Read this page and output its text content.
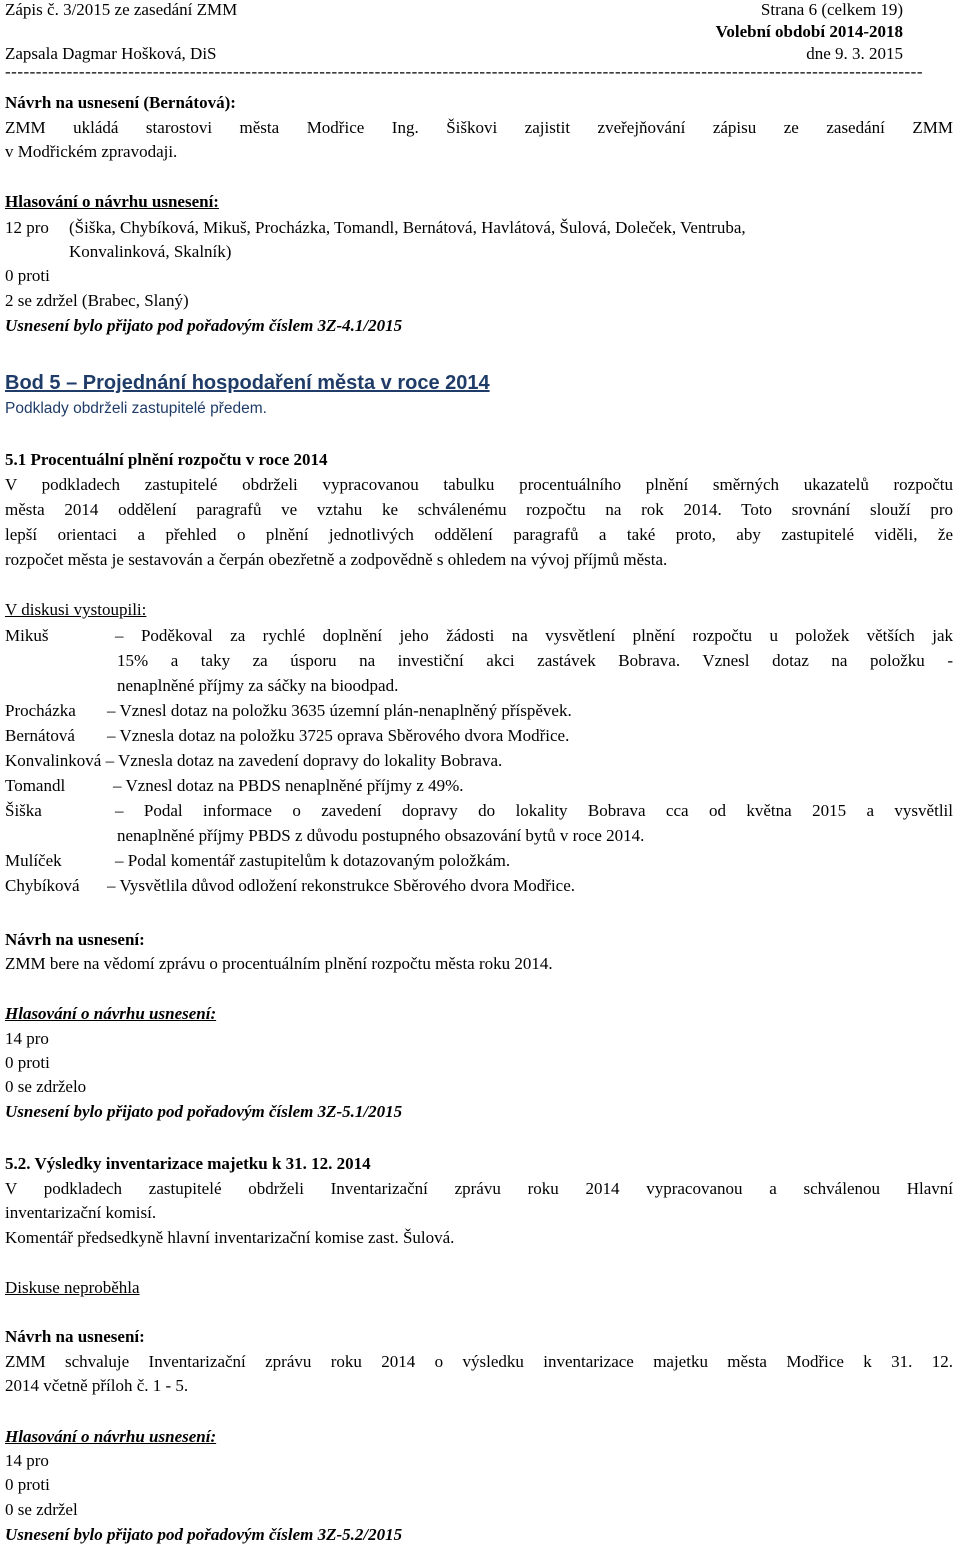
Zápis č. 3/2015 ze zasedání ZMM	Strana 6 (celkem 19)
Volební období 2014-2018
Zapsala Dagmar Hošková, DiS	dne 9. 3. 2015
-----------------------------------------------------------------------------------------------------------------------------------------------------
Návrh na usnesení (Bernátová):
ZMM ukládá starostovi města Modřice Ing. Šiškovi zajistit zveřejňování zápisu ze zasedání ZMM
v Modřickém zpravodaji.
Hlasování o návrhu usnesení:
12 pro (Šiška, Chybíková, Mikuš, Procházka, Tomandl, Bernátová, Havlátová, Šulová, Doleček, Ventruba,
Konvalinková, Skalník)
0 proti
2 se zdržel (Brabec, Slaný)
Usnesení bylo přijato pod pořadovým číslem 3Z-4.1/2015
Bod 5 – Projednání hospodaření města v roce 2014
Podklady obdrželi zastupitelé předem.
5.1 Procentuální plnění rozpočtu v roce 2014
V podkladech zastupitelé obdrželi vypracovanou tabulku procentuálního plnění směrných ukazatelů rozpočtu
města 2014 oddělení paragrafů ve vztahu ke schválenému rozpočtu na rok 2014. Toto srovnání slouží pro
lepší orientaci a přehled o plnění jednotlivých oddělení paragrafů a také proto, aby zastupitelé viděli, že
rozpočet města je sestavován a čerpán obezřetně a zodpovědně s ohledem na vývoj příjmů města.
V diskusi vystoupili:
Mikuš	– Poděkoval za rychlé doplnění jeho žádosti na vysvětlení plnění rozpočtu u položek větších jak
15% a taky za úsporu na investiční akci zastávek Bobrava. Vznesl dotaz na položku -
nenaplněné příjmy za sáčky na bioodpad.
Procházka – Vznesl dotaz na položku 3635 územní plán-nenaplněný příspěvek.
Bernátová – Vznesla dotaz na položku 3725 oprava Sběrového dvora Modřice.
Konvalinková – Vznesla dotaz na zavedení dopravy do lokality Bobrava.
Tomandl	– Vznesl dotaz na PBDS nenaplněné příjmy z 49%.
Šiška	– Podal informace o zavedení dopravy do lokality Bobrava cca od května 2015 a vysvětlil
nenaplněné příjmy PBDS z důvodu postupného obsazování bytů v roce 2014.
Mulíček	– Podal komentář zastupitelům k dotazovaným položkám.
Chybíková – Vysvětlila důvod odložení rekonstrukce Sběrového dvora Modřice.
Návrh na usnesení:
ZMM bere na vědomí zprávu o procentuálním plnění rozpočtu města roku 2014.
Hlasování o návrhu usnesení:
14 pro
0 proti
0 se zdrželo
Usnesení bylo přijato pod pořadovým číslem 3Z-5.1/2015
5.2. Výsledky inventarizace majetku k 31. 12. 2014
V podkladech zastupitelé obdrželi Inventarizační zprávu roku 2014 vypracovanou a schválenou Hlavní
inventarizační komisí.
Komentář předsedkyně hlavní inventarizační komise zast. Šulová.
Diskuse neproběhla
Návrh na usnesení:
ZMM schvaluje Inventarizační zprávu roku 2014 o výsledku inventarizace majetku města Modřice k 31. 12.
2014 včetně příloh č. 1 - 5.
Hlasování o návrhu usnesení:
14 pro
0 proti
0 se zdržel
Usnesení bylo přijato pod pořadovým číslem 3Z-5.2/2015
